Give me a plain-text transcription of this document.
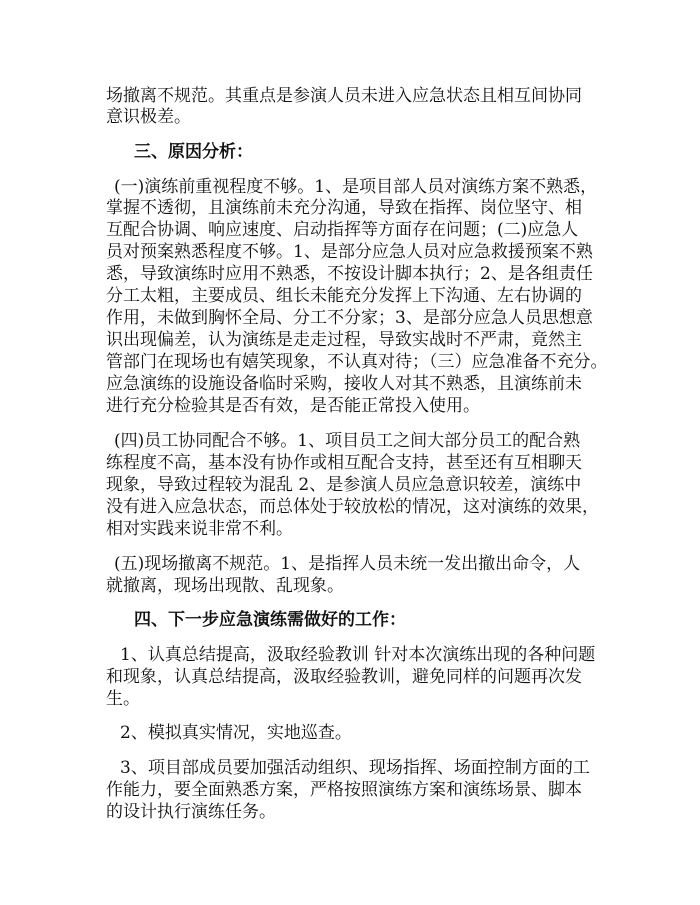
场撤离不规范。其重点是参演人员未进入应急状态且相互间协同
意识极差。
三、原因分析：
(一)演练前重视程度不够。1、是项目部人员对演练方案不熟悉，
掌握不透彻，且演练前未充分沟通，导致在指挥、岗位坚守、相
互配合协调、响应速度、启动指挥等方面存在问题；(二)应急人
员对预案熟悉程度不够。1、是部分应急人员对应急救援预案不熟
悉，导致演练时应用不熟悉，不按设计脚本执行；2、是各组责任
分工太粗，主要成员、组长未能充分发挥上下沟通、左右协调的
作用，未做到胸怀全局、分工不分家；3、是部分应急人员思想意
识出现偏差，认为演练是走走过程，导致实战时不严肃，竟然主
管部门在现场也有嬉笑现象，不认真对待；（三）应急准备不充分。
应急演练的设施设备临时采购，接收人对其不熟悉，且演练前未
进行充分检验其是否有效，是否能正常投入使用。
(四)员工协同配合不够。1、项目员工之间大部分员工的配合熟
练程度不高，基本没有协作或相互配合支持，甚至还有互相聊天
现象，导致过程较为混乱 2、是参演人员应急意识较差，演练中
没有进入应急状态，而总体处于较放松的情况，这对演练的效果，
相对实践来说非常不利。
(五)现场撤离不规范。1、是指挥人员未统一发出撤出命令，人
就撤离，现场出现散、乱现象。
四、下一步应急演练需做好的工作：
1、认真总结提高，汲取经验教训 针对本次演练出现的各种问题
和现象，认真总结提高，汲取经验教训，避免同样的问题再次发
生。
2、模拟真实情况，实地巡查。
3、项目部成员要加强活动组织、现场指挥、场面控制方面的工
作能力，要全面熟悉方案，严格按照演练方案和演练场景、脚本
的设计执行演练任务。
